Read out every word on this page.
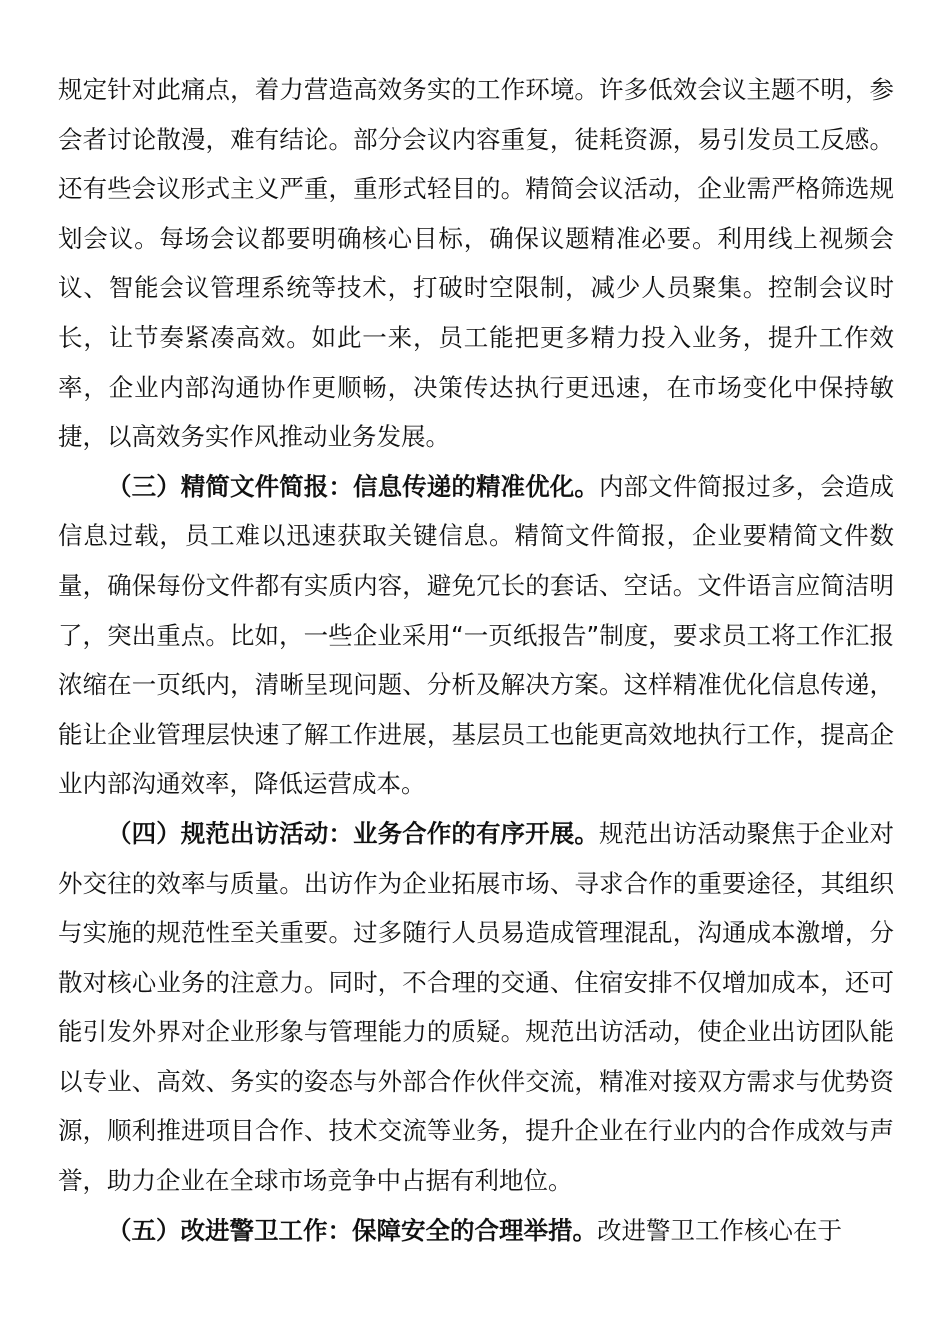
规定针对此痛点，着力营造高效务实的工作环境。许多低效会议主题不明，参会者讨论散漫，难有结论。部分会议内容重复，徒耗资源，易引发员工反感。还有些会议形式主义严重，重形式轻目的。精简会议活动，企业需严格筛选规划会议。每场会议都要明确核心目标，确保议题精准必要。利用线上视频会议、智能会议管理系统等技术，打破时空限制，减少人员聚集。控制会议时长，让节奏紧凑高效。如此一来，员工能把更多精力投入业务，提升工作效率，企业内部沟通协作更顺畅，决策传达执行更迅速，在市场变化中保持敏捷，以高效务实作风推动业务发展。

（三）精简文件简报：信息传递的精准优化。内部文件简报过多，会造成信息过载，员工难以迅速获取关键信息。精简文件简报，企业要精简文件数量，确保每份文件都有实质内容，避免冗长的套话、空话。文件语言应简洁明了，突出重点。比如，一些企业采用“一页纸报告”制度，要求员工将工作汇报浓缩在一页纸内，清晰呈现问题、分析及解决方案。这样精准优化信息传递，能让企业管理层快速了解工作进展，基层员工也能更高效地执行工作，提高企业内部沟通效率，降低运营成本。

（四）规范出访活动：业务合作的有序开展。规范出访活动聚焦于企业对外交往的效率与质量。出访作为企业拓展市场、寻求合作的重要途径，其组织与实施的规范性至关重要。过多随行人员易造成管理混乱，沟通成本激增，分散对核心业务的注意力。同时，不合理的交通、住宿安排不仅增加成本，还可能引发外界对企业形象与管理能力的质疑。规范出访活动，使企业出访团队能以专业、高效、务实的姿态与外部合作伙伴交流，精准对接双方需求与优势资源，顺利推进项目合作、技术交流等业务，提升企业在行业内的合作成效与声誉，助力企业在全球市场竞争中占据有利地位。

（五）改进警卫工作：保障安全的合理举措。改进警卫工作核心在于
